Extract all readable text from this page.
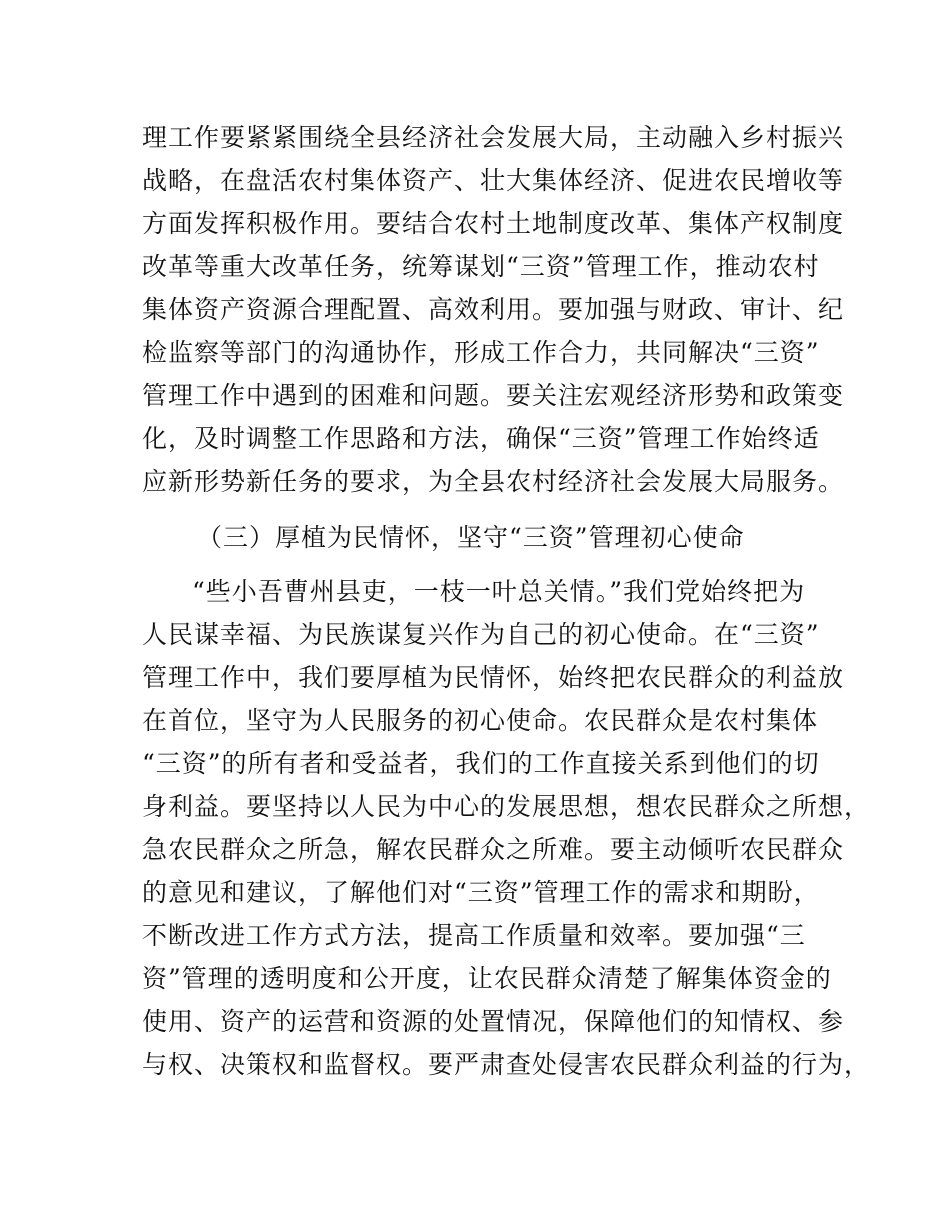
理工作要紧紧围绕全县经济社会发展大局，主动融入乡村振兴
战略，在盘活农村集体资产、壮大集体经济、促进农民增收等
方面发挥积极作用。要结合农村土地制度改革、集体产权制度
改革等重大改革任务，统筹谋划“三资”管理工作，推动农村
集体资产资源合理配置、高效利用。要加强与财政、审计、纪
检监察等部门的沟通协作，形成工作合力，共同解决“三资”
管理工作中遇到的困难和问题。要关注宏观经济形势和政策变
化，及时调整工作思路和方法，确保“三资”管理工作始终适
应新形势新任务的要求，为全县农村经济社会发展大局服务。
（三）厚植为民情怀，坚守“三资”管理初心使命
“些小吾曹州县吏，一枝一叶总关情。”我们党始终把为
人民谋幸福、为民族谋复兴作为自己的初心使命。在“三资”
管理工作中，我们要厚植为民情怀，始终把农民群众的利益放
在首位，坚守为人民服务的初心使命。农民群众是农村集体
“三资”的所有者和受益者，我们的工作直接关系到他们的切
身利益。要坚持以人民为中心的发展思想，想农民群众之所想，
急农民群众之所急，解农民群众之所难。要主动倾听农民群众
的意见和建议，了解他们对“三资”管理工作的需求和期盼，
不断改进工作方式方法，提高工作质量和效率。要加强“三
资”管理的透明度和公开度，让农民群众清楚了解集体资金的
使用、资产的运营和资源的处置情况，保障他们的知情权、参
与权、决策权和监督权。要严肃查处侵害农民群众利益的行为，
